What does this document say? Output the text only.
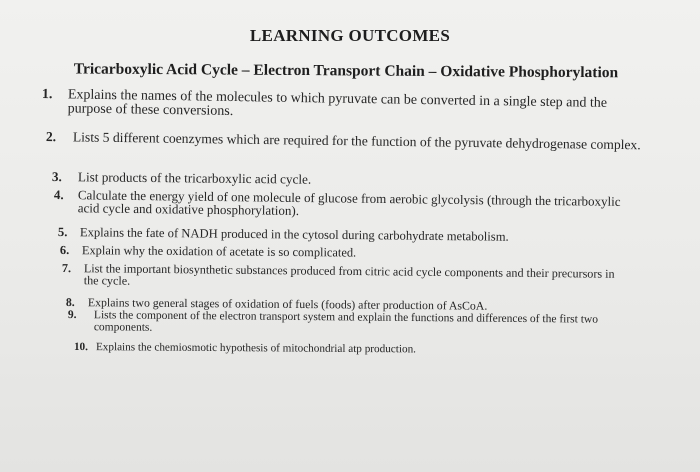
LEARNING OUTCOMES
Tricarboxylic Acid Cycle – Electron Transport Chain – Oxidative Phosphorylation
1.	Explains the names of the molecules to which pyruvate can be converted in a single step and the purpose of these conversions.
2.	Lists 5 different coenzymes which are required for the function of the pyruvate dehydrogenase complex.
3.	List products of the tricarboxylic acid cycle.
4.	Calculate the energy yield of one molecule of glucose from aerobic glycolysis (through the tricarboxylic acid cycle and oxidative phosphorylation).
5. Explains the fate of NADH produced in the cytosol during carbohydrate metabolism.
6.	Explain why the oxidation of acetate is so complicated.
7.	List the important biosynthetic substances produced from citric acid cycle components and their precursors in the cycle.
8.	Explains two general stages of oxidation of fuels (foods) after production of AsCoA.
9.	Lists the component of the electron transport system and explain the functions and differences of the first two components.
10. Explains the chemiosmotic hypothesis of mitochondrial atp production.
